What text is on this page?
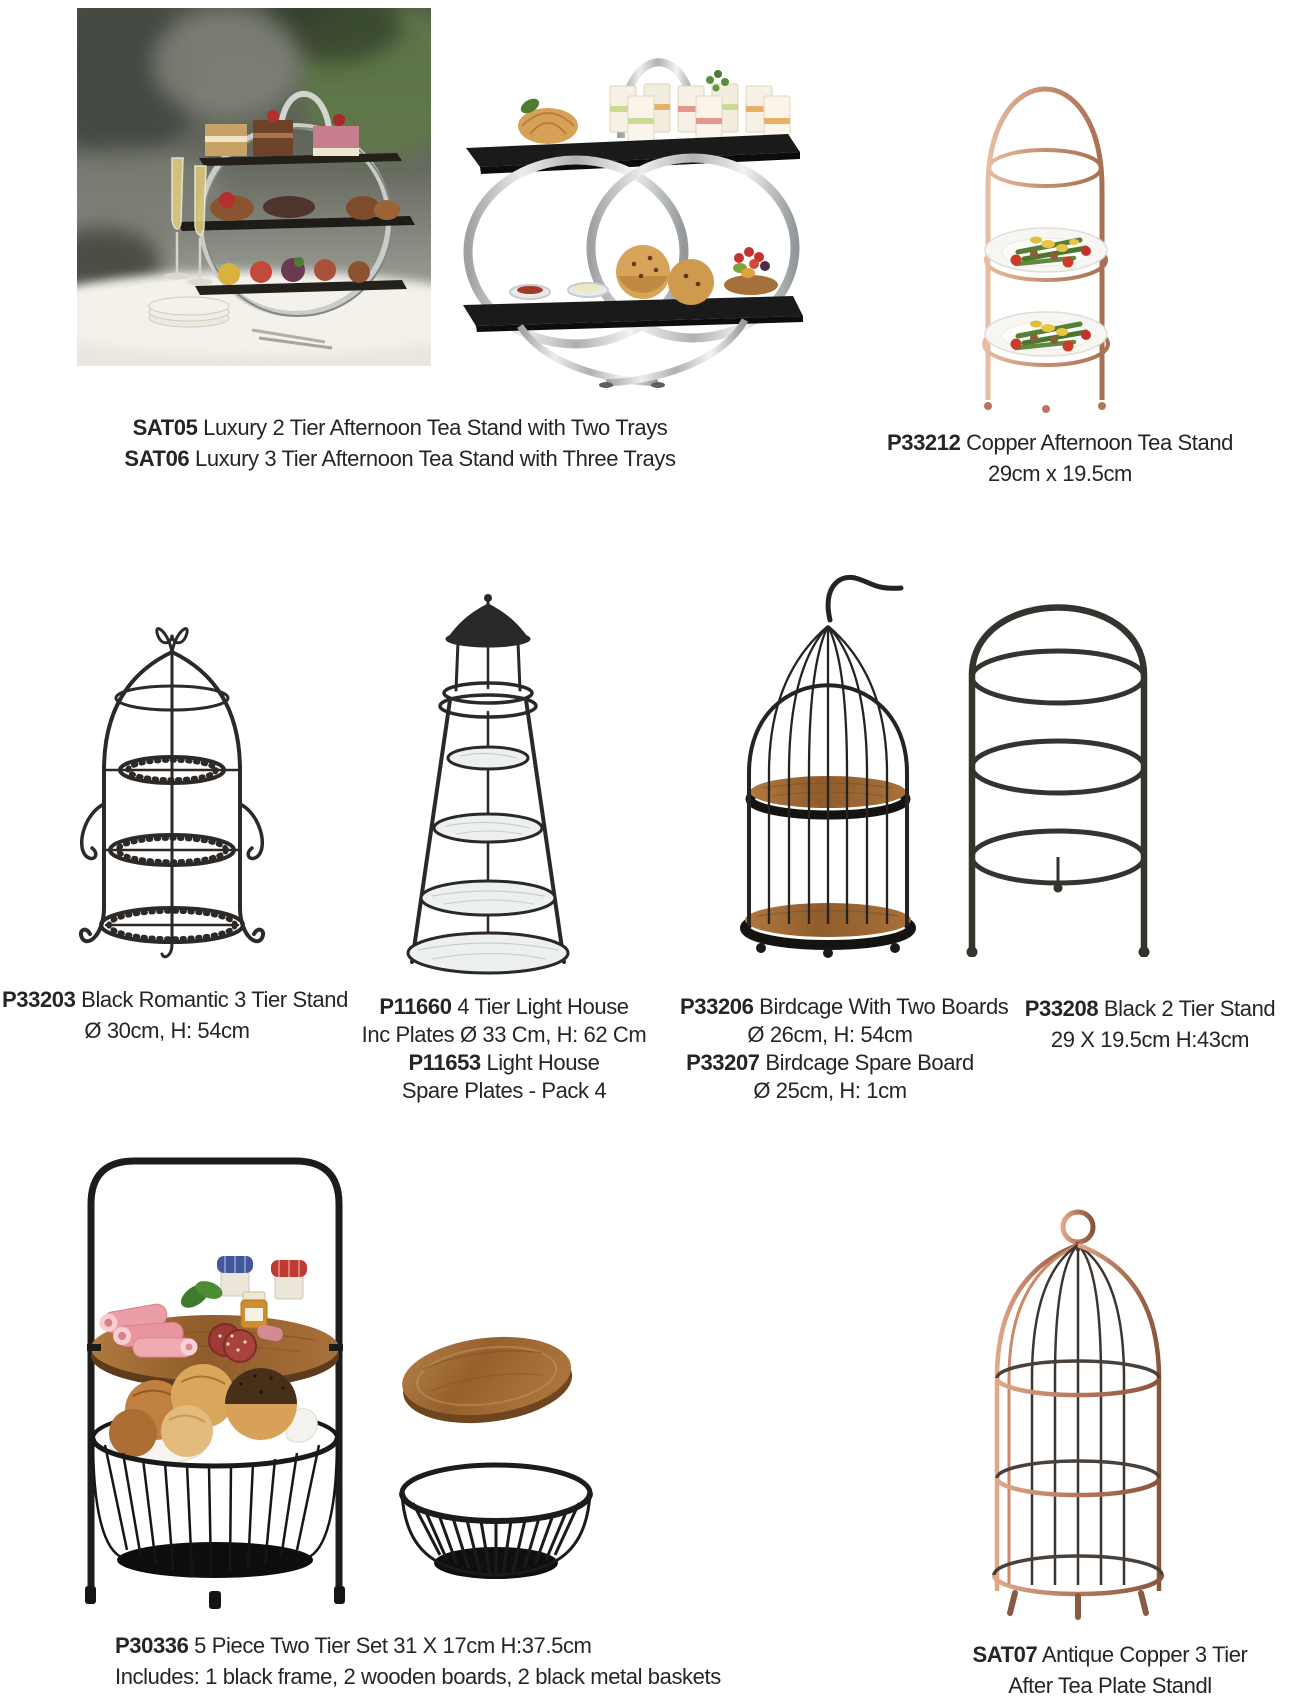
SAT05 Luxury 2 Tier Afternoon Tea Stand with Two Trays
SAT06 Luxury 3 Tier Afternoon Tea Stand with Three Trays
P33212 Copper Afternoon Tea Stand
29cm x 19.5cm
P33203 Black Romantic 3 Tier Stand
Ø 30cm, H: 54cm
P11660 4 Tier Light House
Inc Plates Ø 33 Cm, H: 62 Cm
P11653 Light House
Spare Plates - Pack 4
P33206 Birdcage With Two Boards
Ø 26cm, H: 54cm
P33207 Birdcage Spare Board
Ø 25cm, H: 1cm
P33208 Black 2 Tier Stand
29 X 19.5cm H:43cm
P30336 5 Piece Two Tier Set 31 X 17cm H:37.5cm
Includes: 1 black frame, 2 wooden boards, 2 black metal baskets
SAT07 Antique Copper 3 Tier
After Tea Plate Standl
